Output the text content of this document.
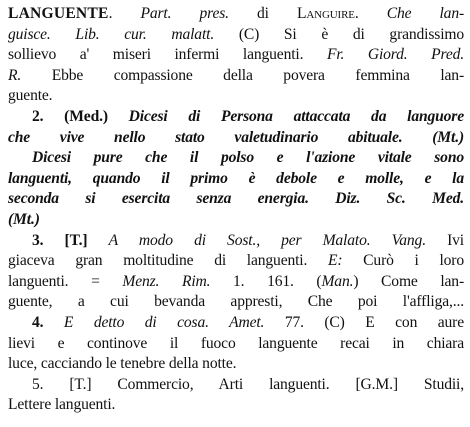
LANGUENTE. Part. pres. di Languire. Che lan-
guisce. Lib. cur. malatt. (C) Si è di grandissimo
sollievo a' miseri infermi languenti. Fr. Giord. Pred.
R. Ebbe compassione della povera femmina lan-
guente.
2. (Med.) Dicesi di Persona attaccata da languore
che vive nello stato valetudinario abituale. (Mt.)
Dicesi pure che il polso e l'azione vitale sono
languenti, quando il primo è debole e molle, e la
seconda si esercita senza energia. Diz. Sc. Med.
(Mt.)
3. [T.] A modo di Sost., per Malato. Vang. Ivi
giaceva gran moltitudine di languenti. E: Curò i loro
languenti. = Menz. Rim. 1. 161. (Man.) Come lan-
guente, a cui bevanda appresti, Che poi l'affliga,...
4. E detto di cosa. Amet. 77. (C) E con aure
lievi e continove il fuoco languente recai in chiara
luce, cacciando le tenebre della notte.
5. [T.] Commercio, Arti languenti. [G.M.] Studii,
Lettere languenti.
